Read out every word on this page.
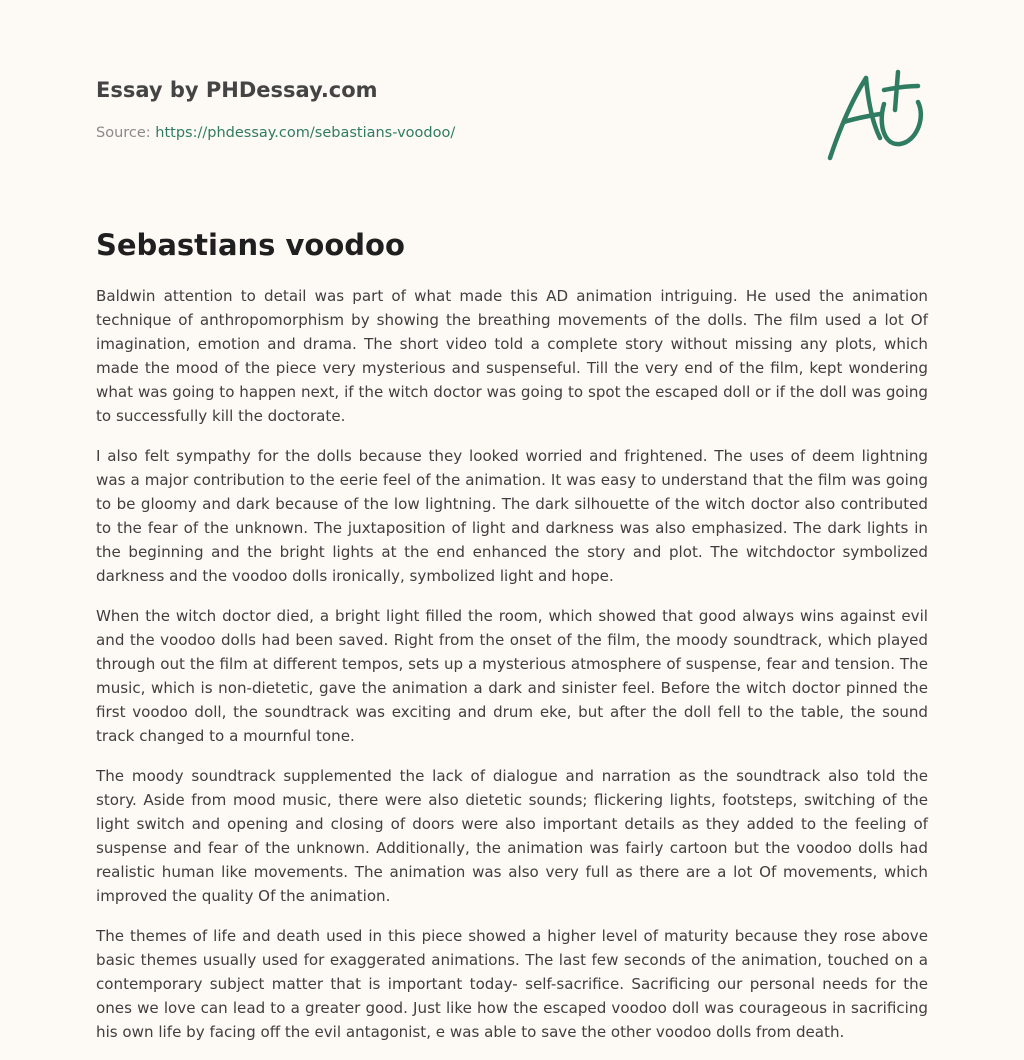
Essay by PHDessay.com
Source: https://phdessay.com/sebastians-voodoo/
Sebastians voodoo

Baldwin attention to detail was part of what made this AD animation intriguing. He used the animation technique of anthropomorphism by showing the breathing movements of the dolls. The film used a lot Of imagination, emotion and drama. The short video told a complete story without missing any plots, which made the mood of the piece very mysterious and suspenseful. Till the very end of the film, kept wondering what was going to happen next, if the witch doctor was going to spot the escaped doll or if the doll was going to successfully kill the doctorate.

I also felt sympathy for the dolls because they looked worried and frightened. The uses of deem lightning was a major contribution to the eerie feel of the animation. It was easy to understand that the film was going to be gloomy and dark because of the low lightning. The dark silhouette of the witch doctor also contributed to the fear of the unknown. The juxtaposition of light and darkness was also emphasized. The dark lights in the beginning and the bright lights at the end enhanced the story and plot. The witchdoctor symbolized darkness and the voodoo dolls ironically, symbolized light and hope.

When the witch doctor died, a bright light filled the room, which showed that good always wins against evil and the voodoo dolls had been saved. Right from the onset of the film, the moody soundtrack, which played through out the film at different tempos, sets up a mysterious atmosphere of suspense, fear and tension. The music, which is non-dietetic, gave the animation a dark and sinister feel. Before the witch doctor pinned the first voodoo doll, the soundtrack was exciting and drum eke, but after the doll fell to the table, the sound track changed to a mournful tone.

The moody soundtrack supplemented the lack of dialogue and narration as the soundtrack also told the story. Aside from mood music, there were also dietetic sounds; flickering lights, footsteps, switching of the light switch and opening and closing of doors were also important details as they added to the feeling of suspense and fear of the unknown. Additionally, the animation was fairly cartoon but the voodoo dolls had realistic human like movements. The animation was also very full as there are a lot Of movements, which improved the quality Of the animation.

The themes of life and death used in this piece showed a higher level of maturity because they rose above basic themes usually used for exaggerated animations. The last few seconds of the animation, touched on a contemporary subject matter that is important today- self-sacrifice. Sacrificing our personal needs for the ones we love can lead to a greater good. Just like how the escaped voodoo doll was courageous in sacrificing his own life by facing off the evil antagonist, e was able to save the other voodoo dolls from death.
